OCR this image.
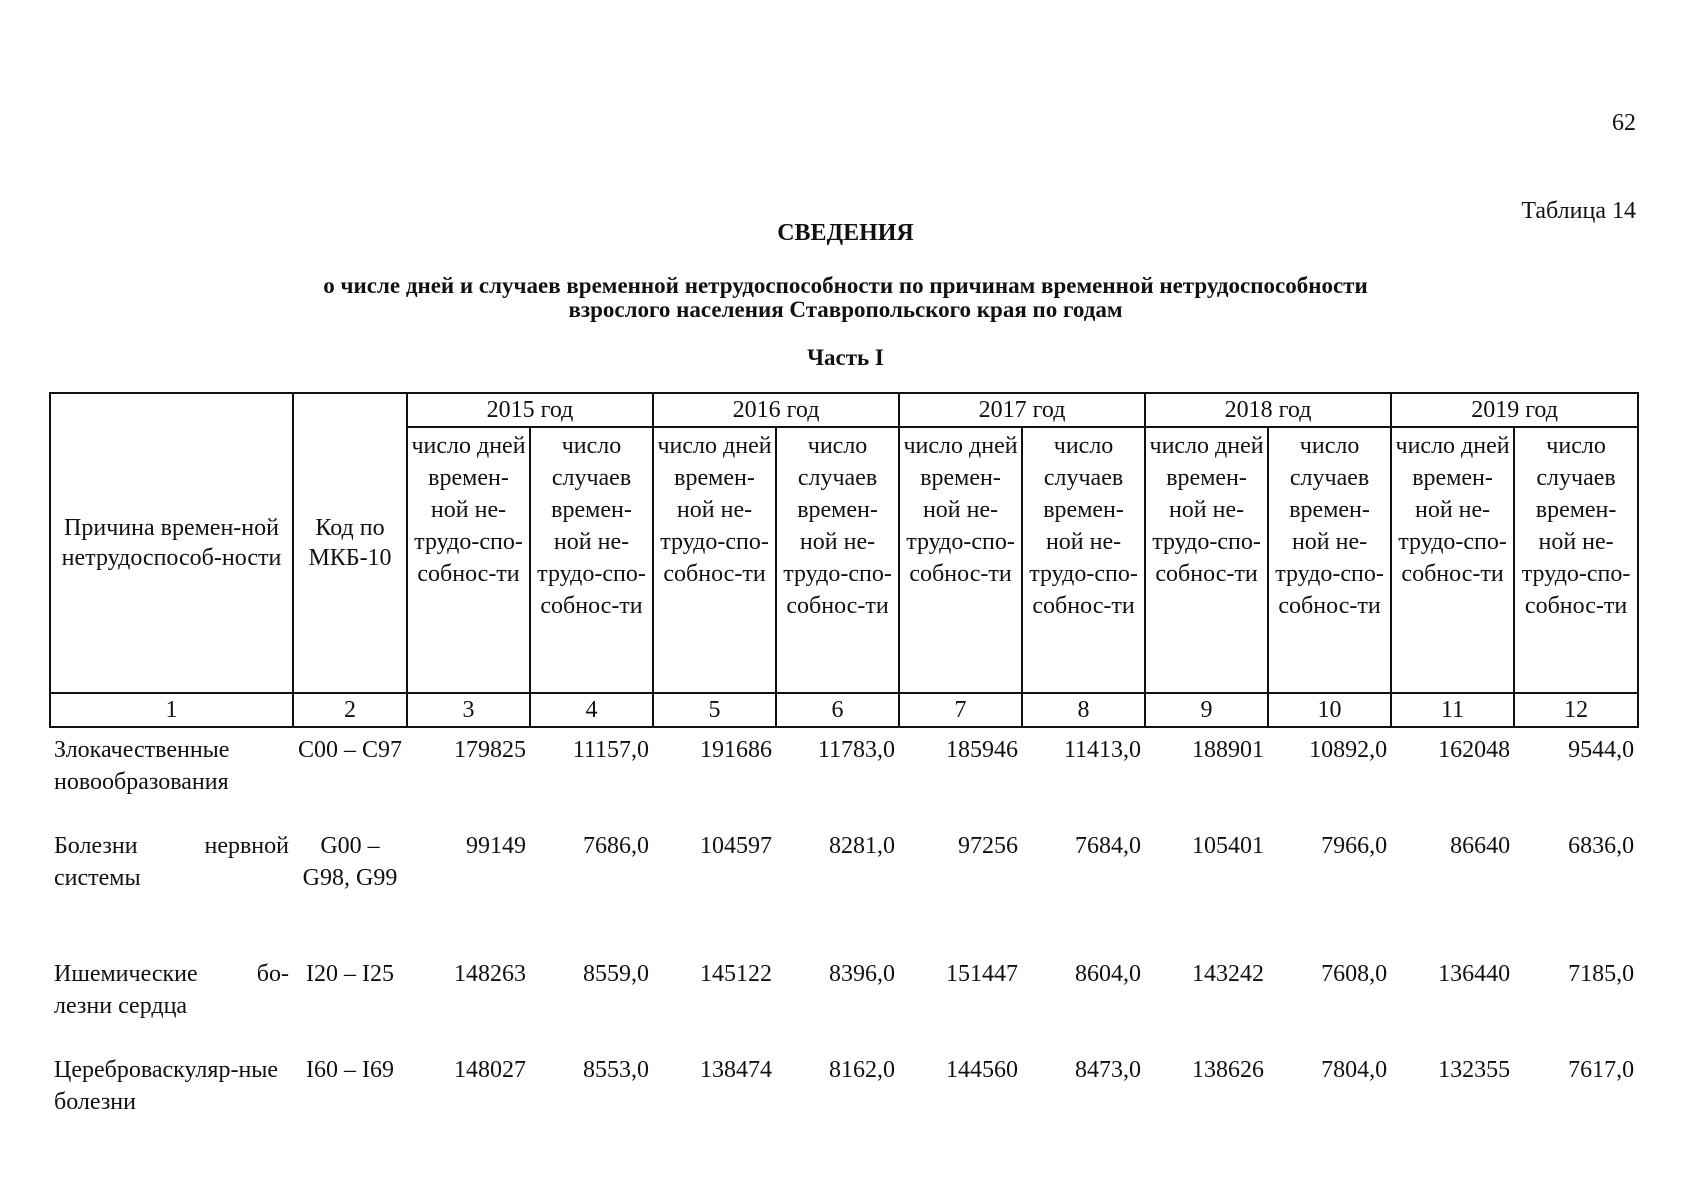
62
Таблица 14
СВЕДЕНИЯ
о числе дней и случаев временной нетрудоспособности по причинам временной нетрудоспособности
взрослого населения Ставропольского края по годам
Часть I
Причина времен-ной нетрудоспособ-ности	Код по МКБ-10	2015 год		2016 год		2017 год		2018 год		2019 год	
		число дней времен-ной не-трудо-спо-собнос-ти	число случаев времен-ной не-трудо-спо-собнос-ти	число дней времен-ной не-трудо-спо-собнос-ти	число случаев времен-ной не-трудо-спо-собнос-ти	число дней времен-ной не-трудо-спо-собнос-ти	число случаев времен-ной не-трудо-спо-собнос-ти	число дней времен-ной не-трудо-спо-собнос-ти	число случаев времен-ной не-трудо-спо-собнос-ти	число дней времен-ной не-трудо-спо-собнос-ти	число случаев времен-ной не-трудо-спо-собнос-ти
1	2	3	4	5	6	7	8	9	10	11	12

Злокачественные новообразования	С00 – С97	179825	11157,0	191686	11783,0	185946	11413,0	188901	10892,0	162048	9544,0

Болезни нервной системы	G00 – G98, G99	99149	7686,0	104597	8281,0	97256	7684,0	105401	7966,0	86640	6836,0

Ишемические бо-лезни сердца	I20 – I25	148263	8559,0	145122	8396,0	151447	8604,0	143242	7608,0	136440	7185,0

Цереброваскуляр-ные болезни	I60 – I69	148027	8553,0	138474	8162,0	144560	8473,0	138626	7804,0	132355	7617,0
